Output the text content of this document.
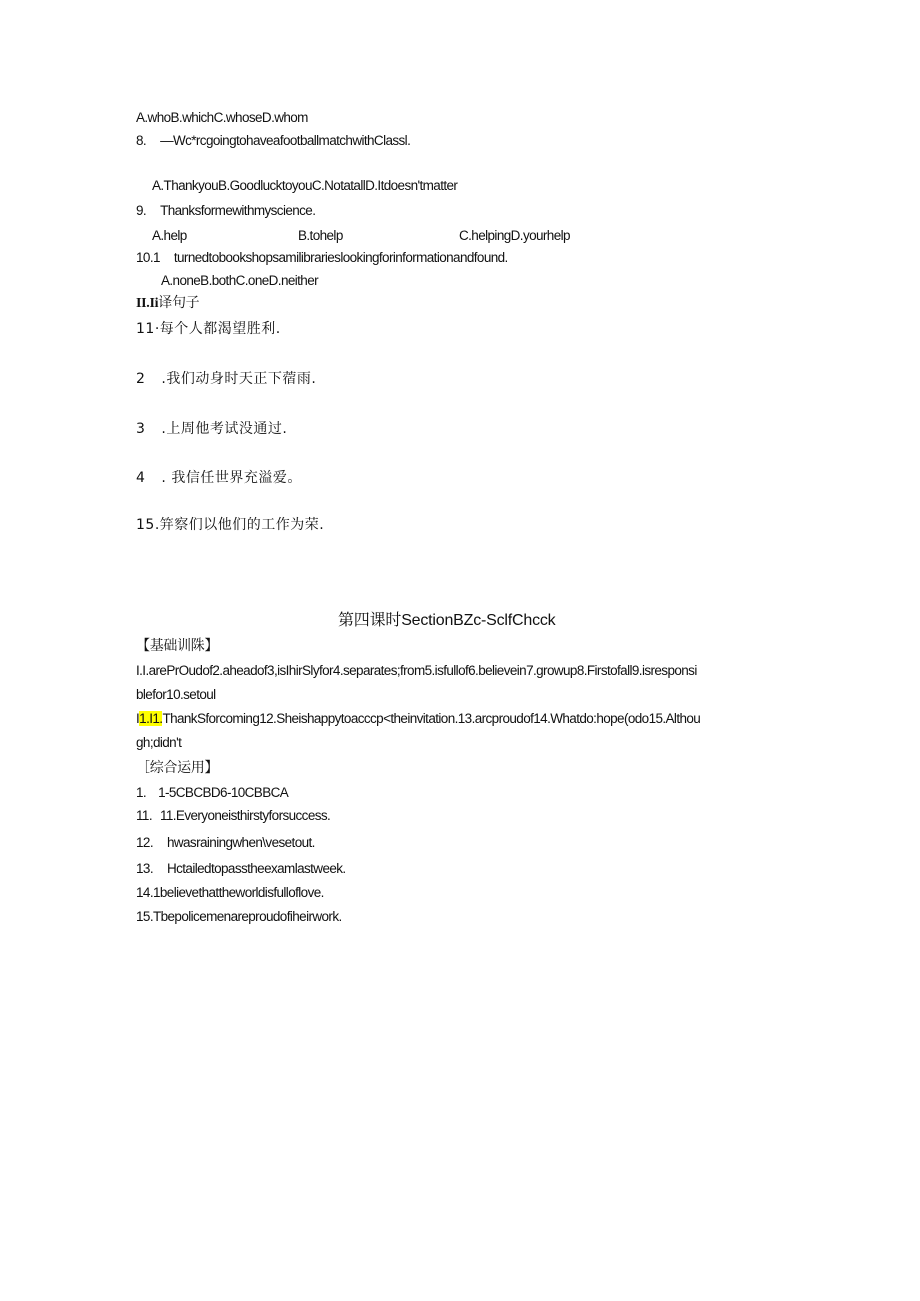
A.whoB.whichC.whoseD.whom
8. —Wc*rcgoingtohaveafootballmatchwithClassl.
A.ThankyouB.GoodlucktoyouC.NotatallD.Itdoesn'tmatter
9. Thanksformewithmyscience.
A.help	B.tohelp	C.helpingD.yourhelp
10.1 turnedtobookshopsamilibrarieslookingforinformationandfound.
A.noneB.bothC.oneD.neither
II.Ii译句子
11·每个人都渴望胜利.
2 .我们动身时天正下蓿雨.
3 .上周他考试没通过.
4 . 我信任世界充溢爱。
15.笄察们以他们的工作为荣.
第四课时SectionBZc-SclfChcck
【基础训陎】
I.I.arePrOudof2.aheadof3,isIhirSlyfor4.separates;from5.isfullof6.believein7.growup8.Firstofall9.isresponsi
blefor10.setoul
I1.I1.ThankSforcoming12.Sheishappytoacccp<theinvitation.13.arcproudof14.Whatdo:hope(odo15.Althou
gh;didn't
［综合运用】
1. 1-5CBCBD6-10CBBCA
11. 11.Everyoneisthirstyforsuccess.
12. hwasrainingwhen\vesetout.
13. Hctailedtopasstheexamlastweek.
14.1believethattheworldisfulloflove.
15.Tbepolicemenareproudofiheirwork.
